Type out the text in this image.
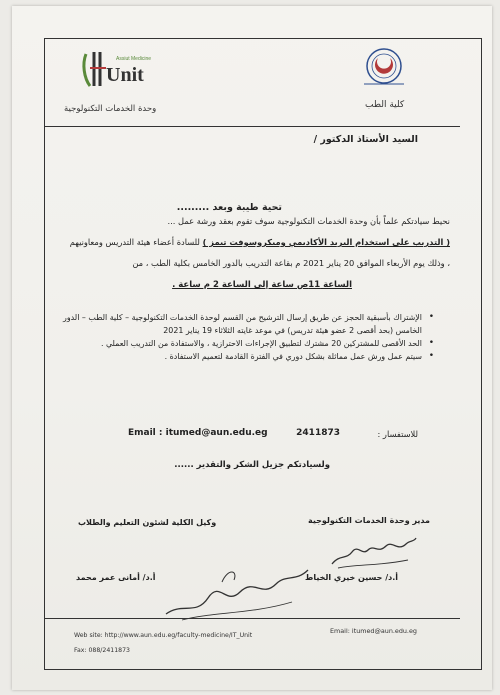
Unit
Assiut Medicine
وحدة الخدمات التكنولوجية	كلية الطب
السيد الأستاذ الدكتور /
تحية طيبة وبعد .........
نحيط سيادتكم علماً بأن وحدة الخدمات التكنولوجية سوف تقوم بعقد ورشة عمل ...
( التدريب على استخدام البريد الأكاديمي وميكروسوفت تيمز ) للسادة أعضاء هيئة التدريس ومعاونيهم
، وذلك يوم الأربعاء الموافق 20 يناير 2021 م بقاعة التدريب بالدور الخامس بكلية الطب ، من
الساعة 11ص ساعة إلى الساعة 2 م ساعة .
• الإشتراك بأسبقية الحجز عن طريق إرسال الترشيح من القسم لوحدة الخدمات التكنولوجية – كلية الطب – الدور الخامس (بحد أقصى 2 عضو هيئة تدريس) في موعد غايته الثلاثاء 19 يناير 2021
• الحد الأقصى للمشتركين 20 مشترك لتطبيق الإجراءات الاحترازية ، والاستفادة من التدريب العملي .
• سيتم عمل ورش عمل مماثلة بشكل دوري في الفترة القادمة لتعميم الاستفادة .
للاستفسار :
2411873
Email : itumed@aun.edu.eg
ولسيادتكم جزيل الشكر والتقدير ......
مدير وحدة الخدمات التكنولوجية
وكيل الكلية لشئون التعليم والطلاب
أ.د/ حسين خيري الخياط
أ.د/ أمانى عمر محمد
Web site: http://www.aun.edu.eg/faculty-medicine/IT_Unit
Fax: 088/2411873
Email: itumed@aun.edu.eg
